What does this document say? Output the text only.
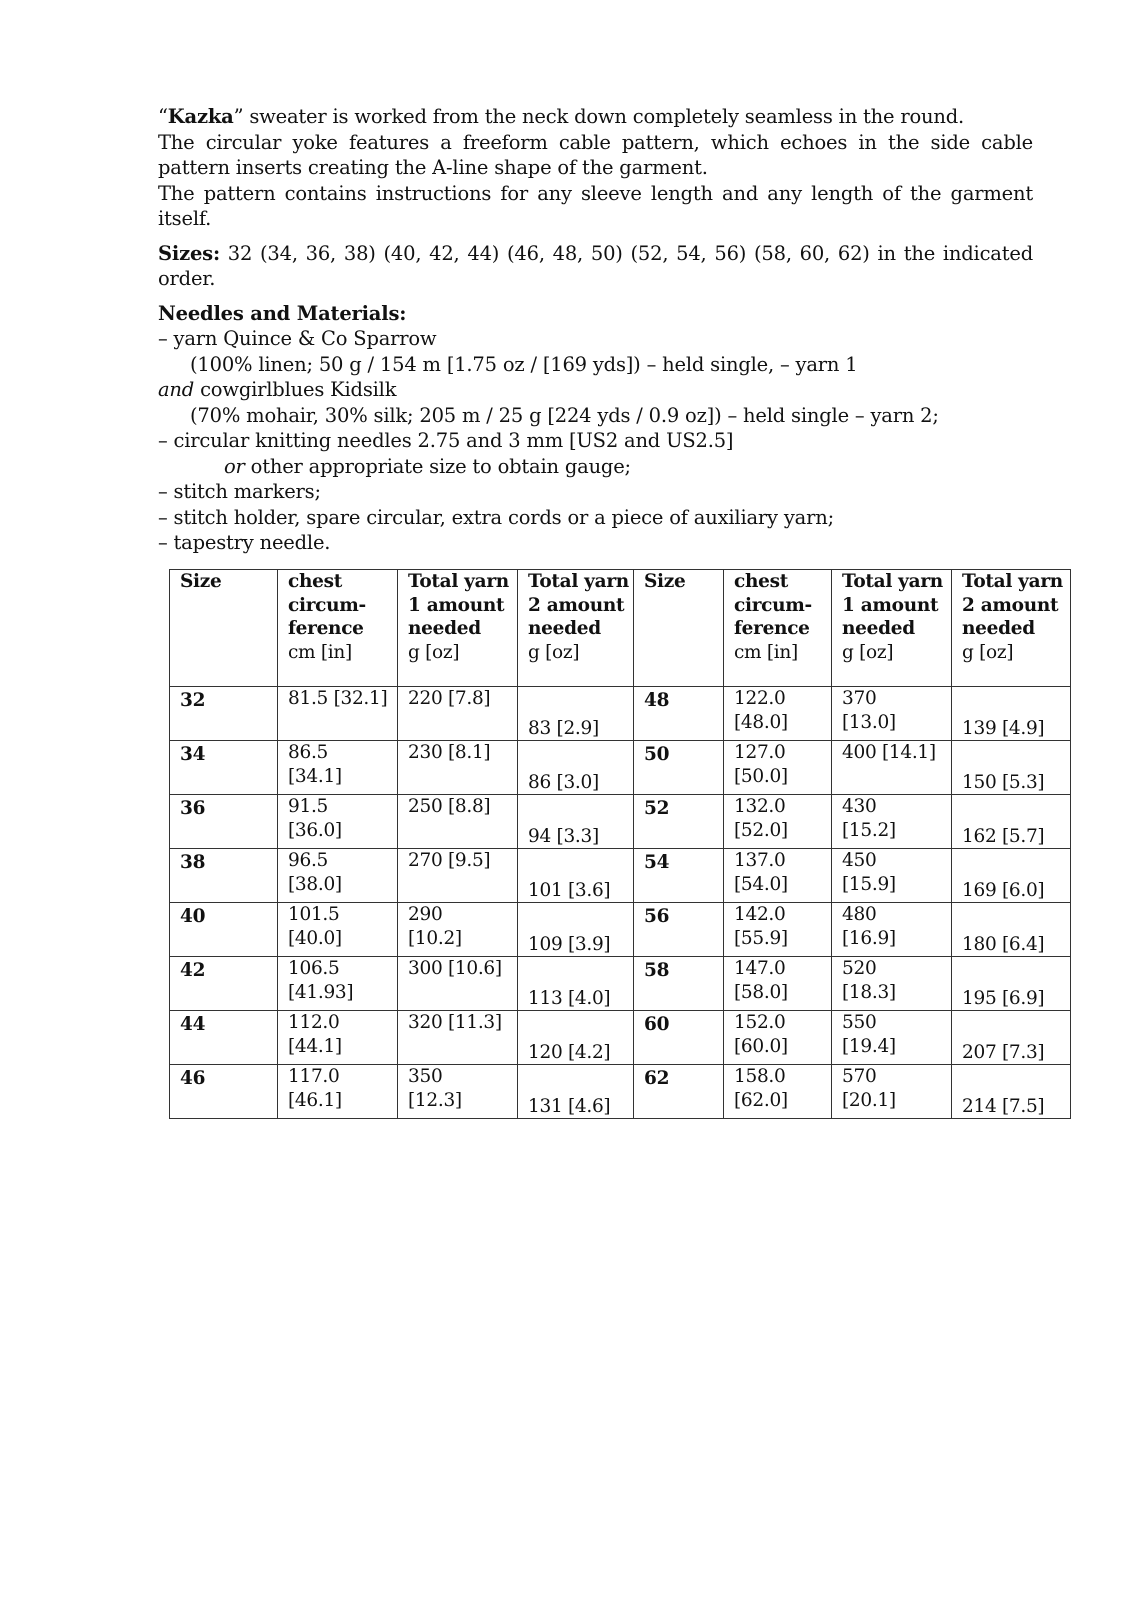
“Kazka” sweater is worked from the neck down completely seamless in the round.

The circular yoke features a freeform cable pattern, which echoes in the side cable pattern inserts creating the A-line shape of the garment.

The pattern contains instructions for any sleeve length and any length of the garment itself.

Sizes: 32 (34, 36, 38) (40, 42, 44) (46, 48, 50) (52, 54, 56) (58, 60, 62) in the indicated order.

Needles and Materials:

– yarn Quince & Co Sparrow

(100% linen; 50 g / 154 m [1.75 oz / [169 yds]) – held single, – yarn 1

and cowgirlblues Kidsilk

(70% mohair, 30% silk; 205 m / 25 g [224 yds / 0.9 oz]) – held single – yarn 2;

– circular knitting needles 2.75 and 3 mm [US2 and US2.5]

or other appropriate size to obtain gauge;

– stitch markers;

– stitch holder, spare circular, extra cords or a piece of auxiliary yarn;

– tapestry needle.

Size	chest circum- ference
cm [in]	Total yarn 1 amount needed
g [oz]	Total yarn 2 amount needed
g [oz]	Size	chest circum- ference
cm [in]	Total yarn 1 amount needed
g [oz]	Total yarn 2 amount needed
g [oz]

32	81.5 [32.1]	220 [7.8]	83 [2.9]	48	122.0
[48.0]	370
[13.0]	139 [4.9]

34	86.5
[34.1]	230 [8.1]	86 [3.0]	50	127.0
[50.0]	400 [14.1]	150 [5.3]

36	91.5
[36.0]	250 [8.8]	94 [3.3]	52	132.0
[52.0]	430
[15.2]	162 [5.7]

38	96.5
[38.0]	270 [9.5]	101 [3.6]	54	137.0
[54.0]	450
[15.9]	169 [6.0]

40	101.5
[40.0]	290
[10.2]	109 [3.9]	56	142.0
[55.9]	480
[16.9]	180 [6.4]

42	106.5
[41.93]	300 [10.6]	113 [4.0]	58	147.0
[58.0]	520
[18.3]	195 [6.9]

44	112.0
[44.1]	320 [11.3]	120 [4.2]	60	152.0
[60.0]	550
[19.4]	207 [7.3]

46	117.0
[46.1]	350
[12.3]	131 [4.6]	62	158.0
[62.0]	570
[20.1]	214 [7.5]
